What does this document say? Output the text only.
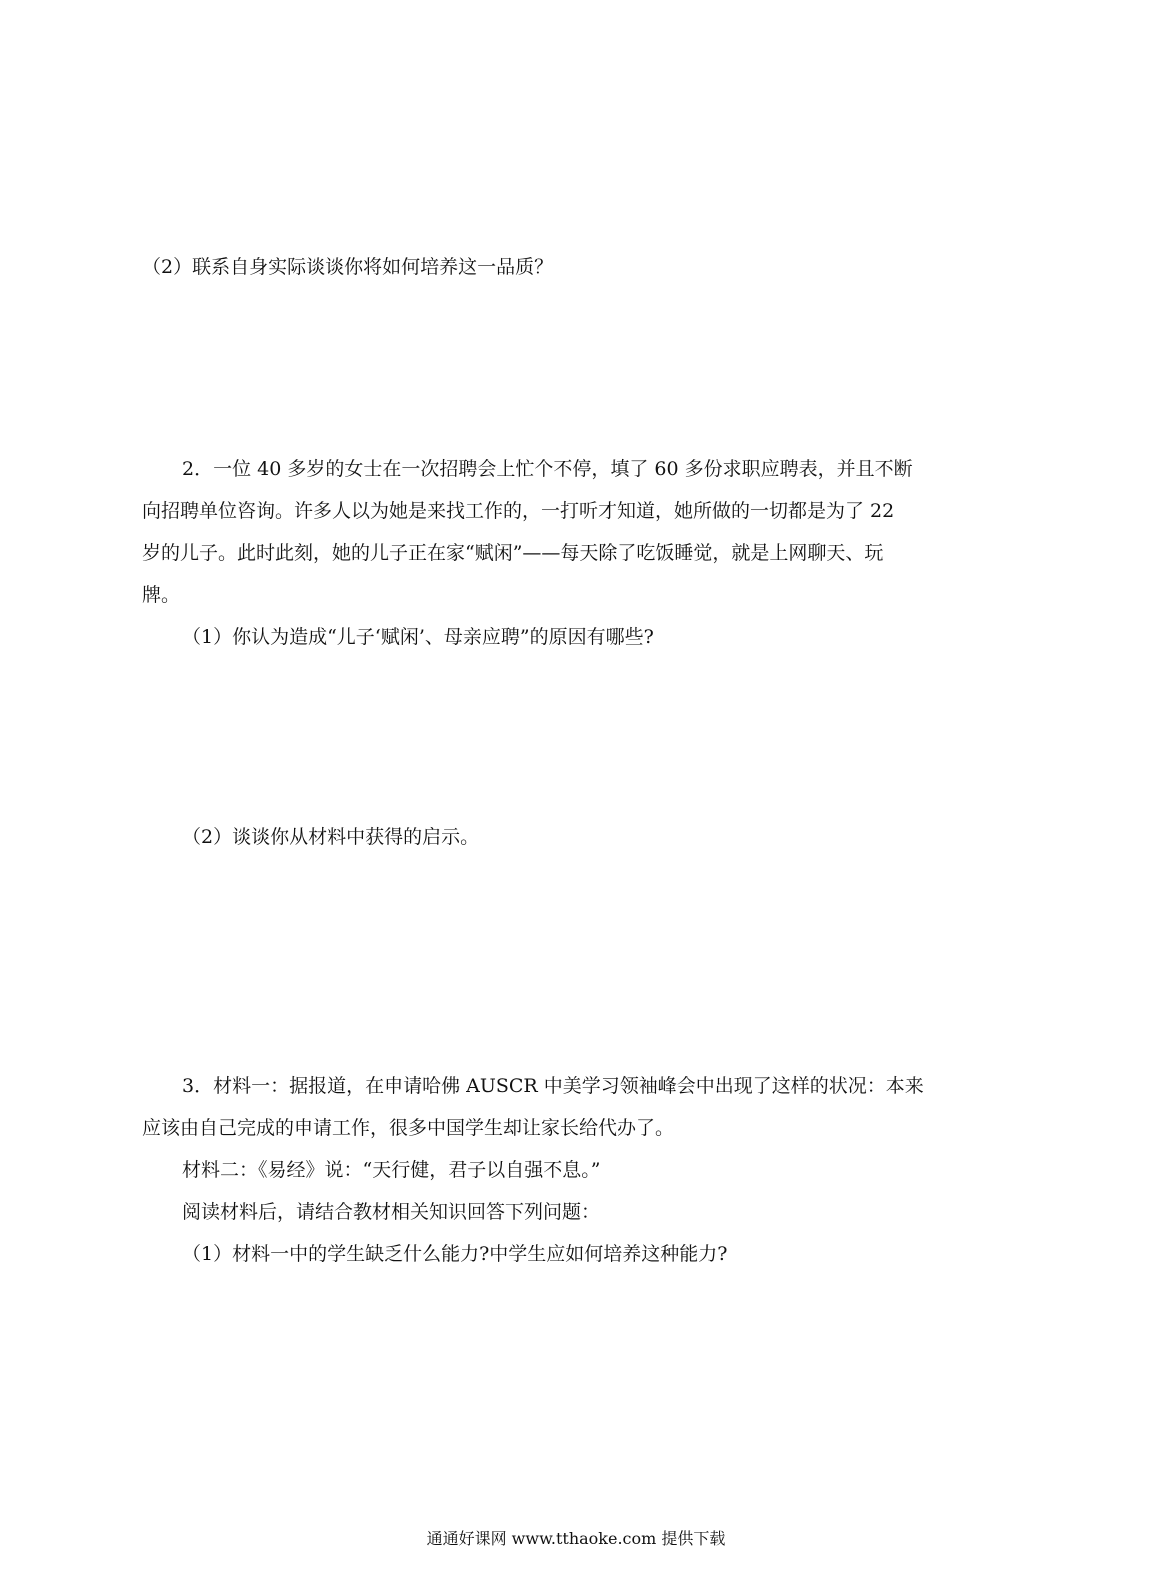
（2）联系自身实际谈谈你将如何培养这一品质？
2．一位 40 多岁的女士在一次招聘会上忙个不停，填了 60 多份求职应聘表，并且不断
向招聘单位咨询。许多人以为她是来找工作的，一打听才知道，她所做的一切都是为了 22
岁的儿子。此时此刻，她的儿子正在家“赋闲”——每天除了吃饭睡觉，就是上网聊天、玩
牌。
（1）你认为造成“儿子‘赋闲’、母亲应聘”的原因有哪些?
（2）谈谈你从材料中获得的启示。
3．材料一：据报道，在申请哈佛 AUSCR 中美学习领袖峰会中出现了这样的状况：本来
应该由自己完成的申请工作，很多中国学生却让家长给代办了。
材料二：《易经》说：“天行健，君子以自强不息。”
阅读材料后，请结合教材相关知识回答下列问题：
（1）材料一中的学生缺乏什么能力?中学生应如何培养这种能力?
通通好课网 www.tthaoke.com 提供下载
